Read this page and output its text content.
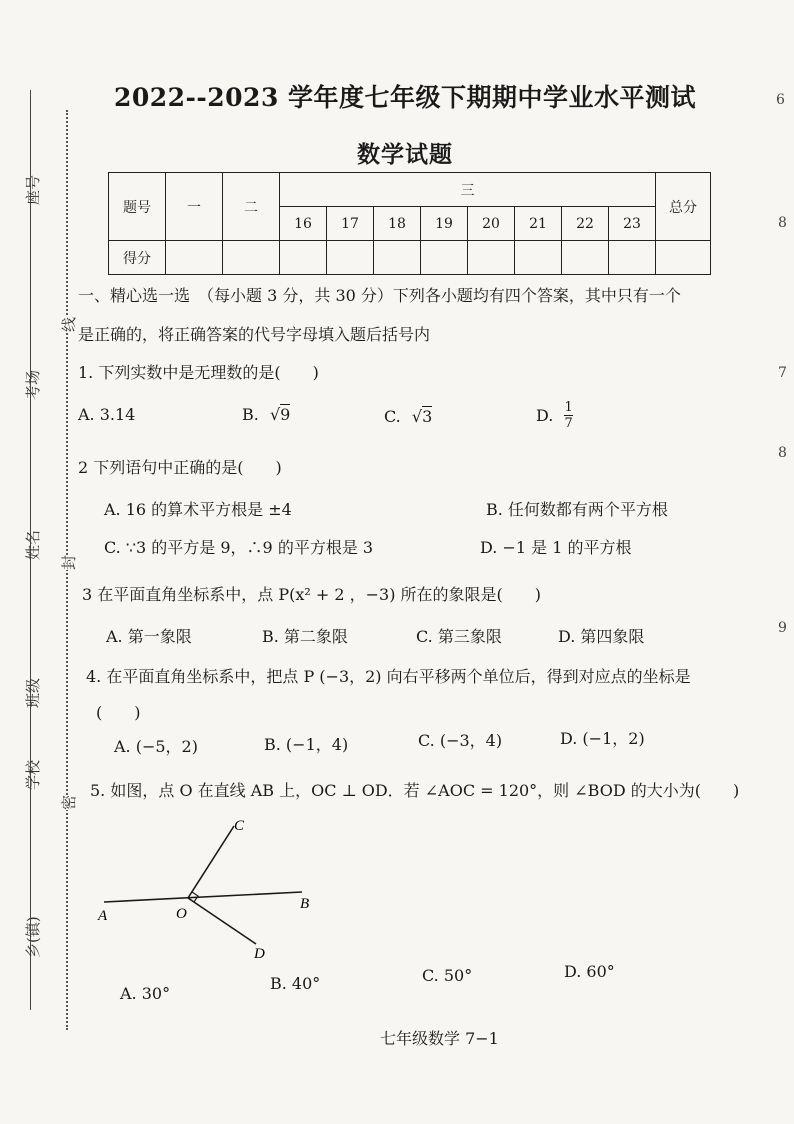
座号
考场
姓名
班级
学校
乡(镇)
线
封
密
6
8
7
8
9
2022--2023 学年度七年级下期期中学业水平测试
数学试题
题号	一	二	三								总分
			16	17	18	19	20	21	22	23	
得分											
一、精心选一选　（每小题 3 分，共 30 分）下列各小题均有四个答案，其中只有一个
是正确的，将正确答案的代号字母填入题后括号内
1. 下列实数中是无理数的是(　　)
A. 3.14	B. √9	C. √3	D. $\frac{1}{7}$
2 下列语句中正确的是(　　)
A. 16 的算术平方根是 ±4	B. 任何数都有两个平方根
C. ∵3 的平方是 9，∴9 的平方根是 3	D. −1 是 1 的平方根
3 在平面直角坐标系中，点 P(x² + 2 ，−3) 所在的象限是(　　)
A. 第一象限	B. 第二象限	C. 第三象限	D. 第四象限
4. 在平面直角坐标系中，把点 P (−3，2) 向右平移两个单位后，得到对应点的坐标是
(　　)
A. (−5，2)	B. (−1，4)	C. (−3，4)	D. (−1，2)
5. 如图，点 O 在直线 AB 上，OC ⊥ OD．若 ∠AOC = 120°，则 ∠BOD 的大小为(　　)
A	O
B
C
D
A. 30°
B. 40°	C. 50°	D. 60°
七年级数学 7−1
